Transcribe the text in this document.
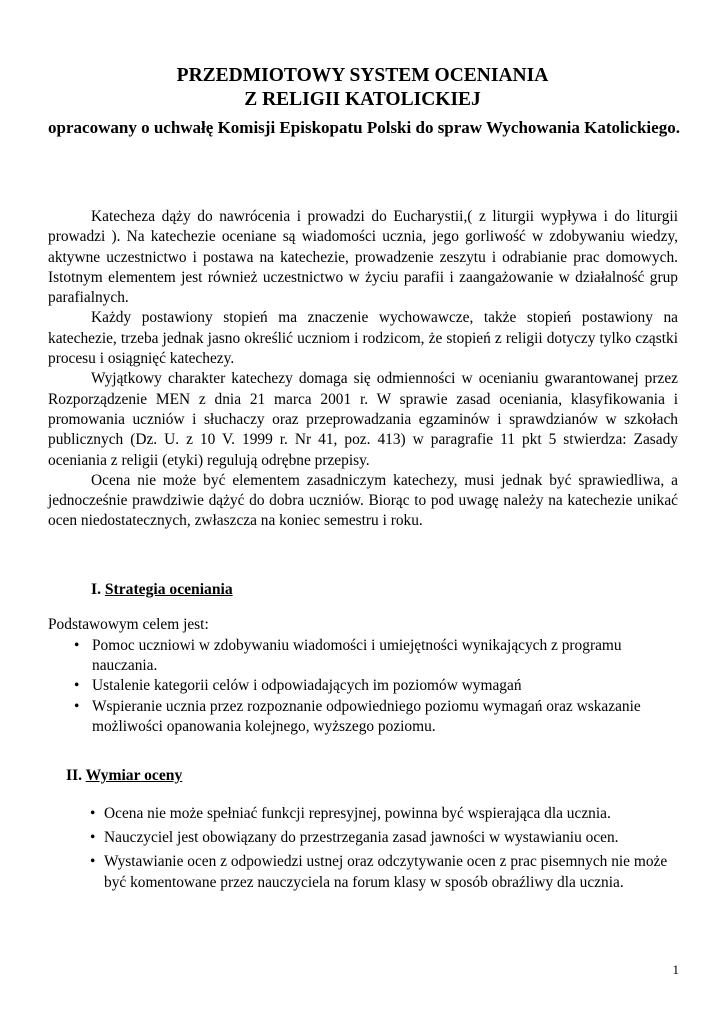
PRZEDMIOTOWY SYSTEM OCENIANIA
Z RELIGII KATOLICKIEJ
opracowany o uchwałę Komisji Episkopatu Polski do spraw Wychowania Katolickiego.

Katecheza dąży do nawrócenia i prowadzi do Eucharystii,( z liturgii wypływa i do liturgii prowadzi ). Na katechezie oceniane są wiadomości ucznia, jego gorliwość w zdobywaniu wiedzy, aktywne uczestnictwo i postawa na katechezie, prowadzenie zeszytu i odrabianie prac domowych. Istotnym elementem jest również uczestnictwo w życiu parafii i zaangażowanie w działalność grup parafialnych.

Każdy postawiony stopień ma znaczenie wychowawcze, także stopień postawiony na katechezie, trzeba jednak jasno określić uczniom i rodzicom, że stopień z religii dotyczy tylko cząstki procesu i osiągnięć katechezy.

Wyjątkowy charakter katechezy domaga się odmienności w ocenianiu gwarantowanej przez Rozporządzenie MEN z dnia 21 marca 2001 r. W sprawie zasad oceniania, klasyfikowania i promowania uczniów i słuchaczy oraz przeprowadzania egzaminów i sprawdzianów w szkołach publicznych (Dz. U. z 10 V. 1999 r. Nr 41, poz. 413) w paragrafie 11 pkt 5 stwierdza: Zasady oceniania z religii (etyki) regulują odrębne przepisy.

Ocena nie może być elementem zasadniczym katechezy, musi jednak być sprawiedliwa, a jednocześnie prawdziwie dążyć do dobra uczniów. Biorąc to pod uwagę należy na katechezie unikać ocen niedostatecznych, zwłaszcza na koniec semestru i roku.

I. Strategia oceniania
Podstawowym celem jest:
• Pomoc uczniowi w zdobywaniu wiadomości i umiejętności wynikających z programu nauczania.
• Ustalenie kategorii celów i odpowiadających im poziomów wymagań
• Wspieranie ucznia przez rozpoznanie odpowiedniego poziomu wymagań oraz wskazanie możliwości opanowania kolejnego, wyższego poziomu.
II. Wymiar oceny
• Ocena nie może spełniać funkcji represyjnej, powinna być wspierająca dla ucznia.
• Nauczyciel jest obowiązany do przestrzegania zasad jawności w wystawianiu ocen.
• Wystawianie ocen z odpowiedzi ustnej oraz odczytywanie ocen z prac pisemnych nie może być komentowane przez nauczyciela na forum klasy w sposób obraźliwy dla ucznia.
1
